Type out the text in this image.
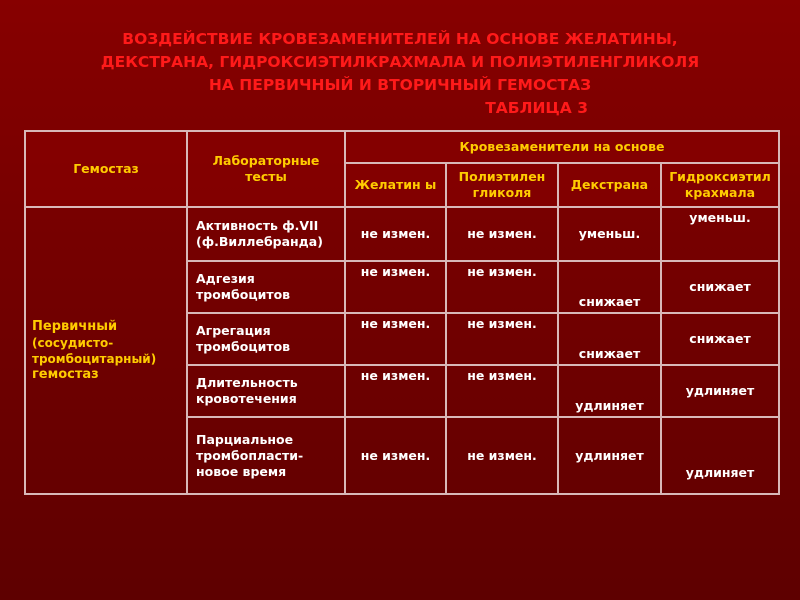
ВОЗДЕЙСТВИЕ КРОВЕЗАМЕНИТЕЛЕЙ НА ОСНОВЕ ЖЕЛАТИНЫ,
ДЕКСТРАНА, ГИДРОКСИЭТИЛКРАХМАЛА И ПОЛИЭТИЛЕНГЛИКОЛЯ
НА ПЕРВИЧНЫЙ И ВТОРИЧНЫЙ ГЕМОСТАЗ
ТАБЛИЦА 3
Гемостаз	Лабораторные тесты	Кровезаменители на основе			
		Желатин ы	Полиэтилен гликоля	Декстрана	Гидроксиэтил крахмала

Первичный
(сосудисто-тромбоцитарный)
гемостаз	Активность ф.VII (ф.Виллебранда)	не измен.	не измен.	уменьш.	уменьш.
	Адгезия тромбоцитов	не измен.	не измен.	снижает	снижает
	Агрегация тромбоцитов	не измен.	не измен.	снижает	снижает
	Длительность кровотечения	не измен.	не измен.	удлиняет	удлиняет
	Парциальное тромбопласти-новое время	не измен.	не измен.	удлиняет	удлиняет
